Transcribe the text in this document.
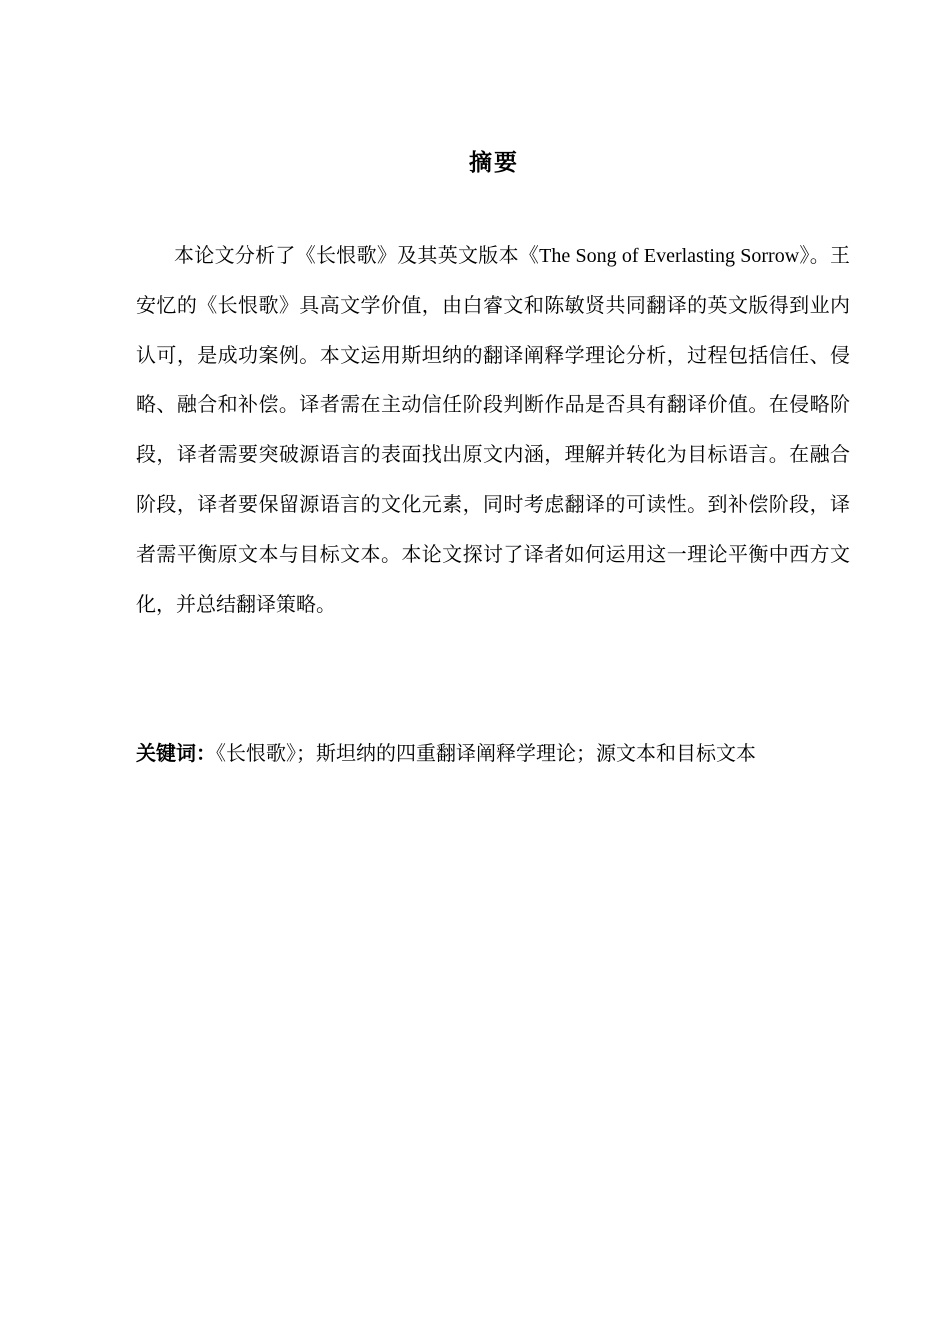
摘要

本论文分析了《长恨歌》及其英文版本《The Song of Everlasting Sorrow》。王安忆的《长恨歌》具高文学价值，由白睿文和陈敏贤共同翻译的英文版得到业内认可，是成功案例。本文运用斯坦纳的翻译阐释学理论分析，过程包括信任、侵略、融合和补偿。译者需在主动信任阶段判断作品是否具有翻译价值。在侵略阶段，译者需要突破源语言的表面找出原文内涵，理解并转化为目标语言。在融合阶段，译者要保留源语言的文化元素，同时考虑翻译的可读性。到补偿阶段，译者需平衡原文本与目标文本。本论文探讨了译者如何运用这一理论平衡中西方文化，并总结翻译策略。

关键词：《长恨歌》；斯坦纳的四重翻译阐释学理论；源文本和目标文本
